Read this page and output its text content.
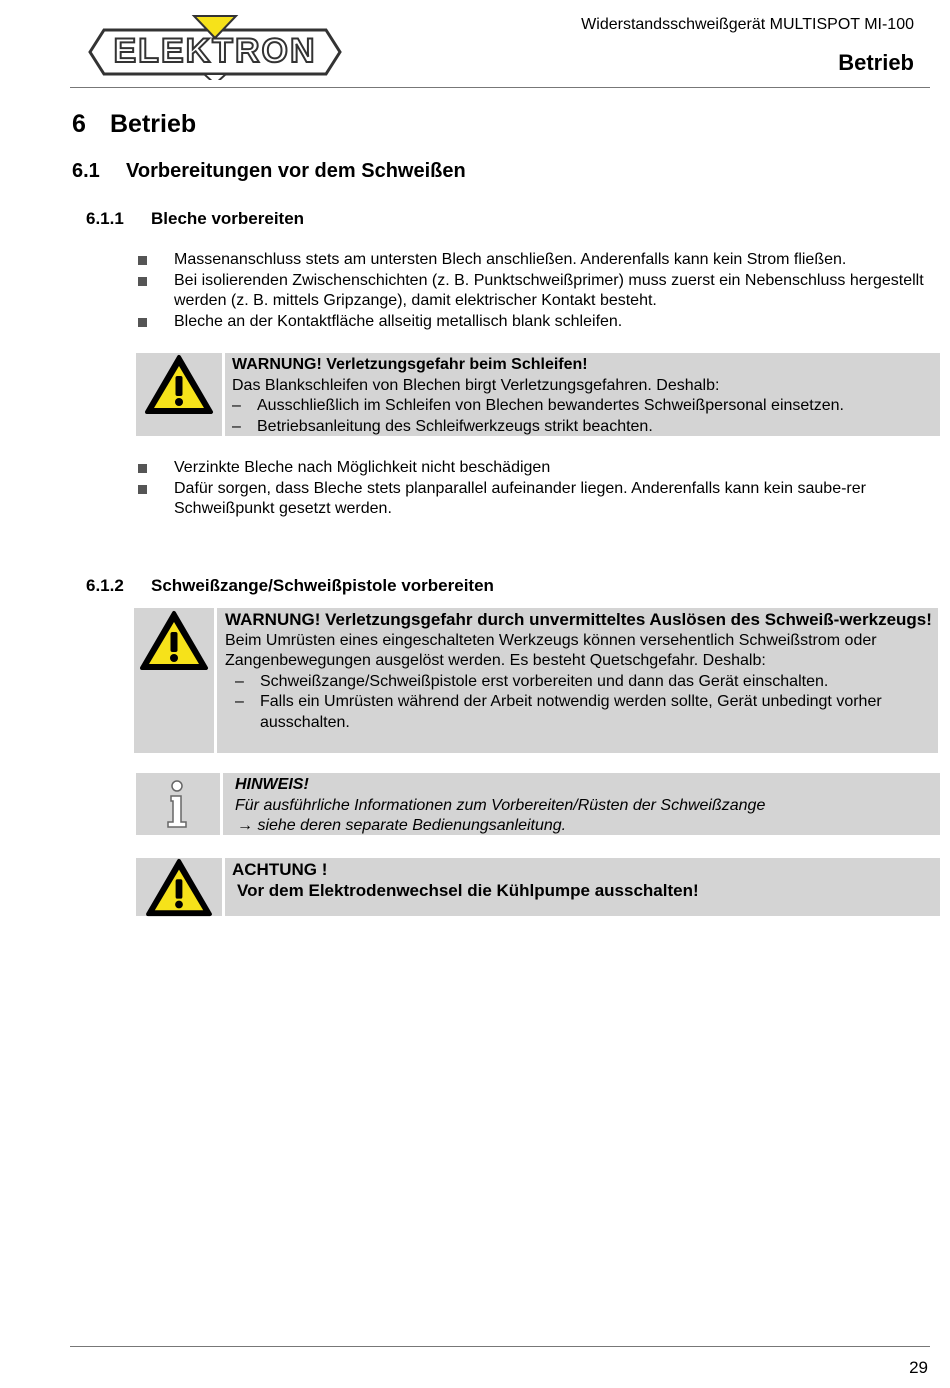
ELEKTRON
Widerstandsschweißgerät MULTISPOT MI-100
Betrieb
6 Betrieb
6.1 Vorbereitungen vor dem Schweißen
6.1.1 Bleche vorbereiten
Massenanschluss stets am untersten Blech anschließen. Anderenfalls kann kein Strom fließen.
Bei isolierenden Zwischenschichten (z. B. Punktschweißprimer) muss zuerst ein Nebenschluss hergestellt werden (z. B. mittels Gripzange), damit elektrischer Kontakt besteht.
Bleche an der Kontaktfläche allseitig metallisch blank schleifen.
WARNUNG! Verletzungsgefahr beim Schleifen!
Das Blankschleifen von Blechen birgt Verletzungsgefahren. Deshalb:
– Ausschließlich im Schleifen von Blechen bewandertes Schweißpersonal einsetzen.
– Betriebsanleitung des Schleifwerkzeugs strikt beachten.
Verzinkte Bleche nach Möglichkeit nicht beschädigen
Dafür sorgen, dass Bleche stets planparallel aufeinander liegen. Anderenfalls kann kein saube-rer Schweißpunkt gesetzt werden.
6.1.2 Schweißzange/Schweißpistole vorbereiten
WARNUNG! Verletzungsgefahr durch unvermitteltes Auslösen des Schweiß-werkzeugs!
Beim Umrüsten eines eingeschalteten Werkzeugs können versehentlich Schweißstrom oder Zangenbewegungen ausgelöst werden. Es besteht Quetschgefahr. Deshalb:
– Schweißzange/Schweißpistole erst vorbereiten und dann das Gerät einschalten.
– Falls ein Umrüsten während der Arbeit notwendig werden sollte, Gerät unbedingt vorher ausschalten.
HINWEIS!
Für ausführliche Informationen zum Vorbereiten/Rüsten der Schweißzange
→ siehe deren separate Bedienungsanleitung.
ACHTUNG !
Vor dem Elektrodenwechsel die Kühlpumpe ausschalten!
29
